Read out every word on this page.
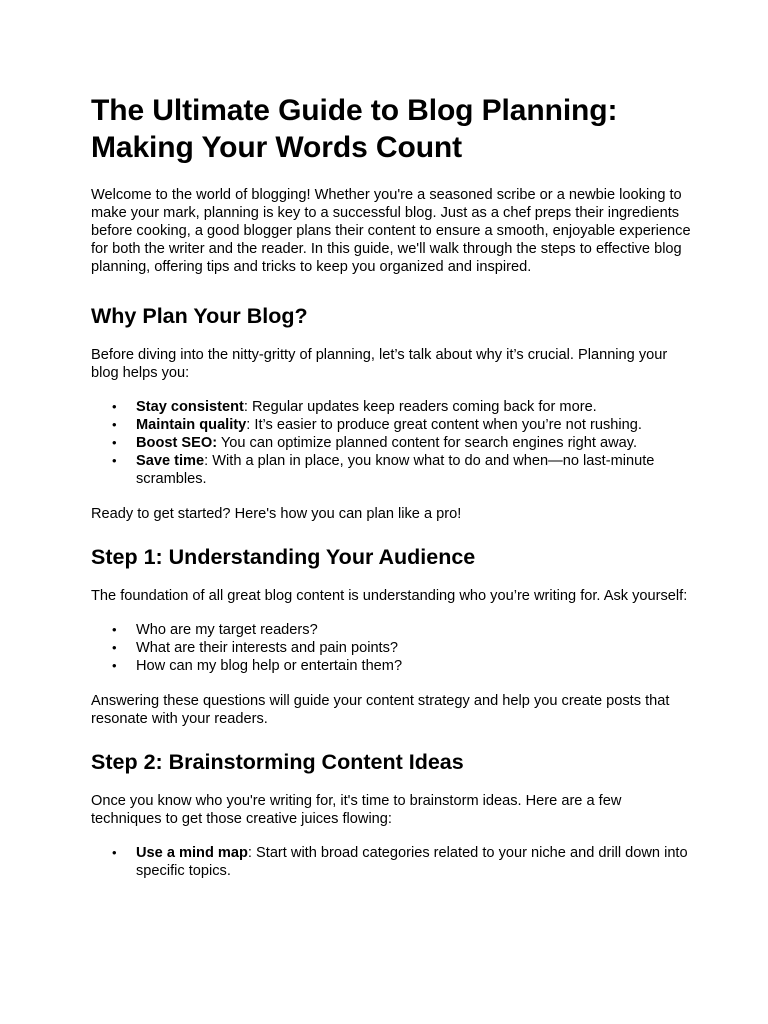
The Ultimate Guide to Blog Planning: Making Your Words Count

Welcome to the world of blogging! Whether you're a seasoned scribe or a newbie looking to make your mark, planning is key to a successful blog. Just as a chef preps their ingredients before cooking, a good blogger plans their content to ensure a smooth, enjoyable experience for both the writer and the reader. In this guide, we'll walk through the steps to effective blog planning, offering tips and tricks to keep you organized and inspired.

Why Plan Your Blog?

Before diving into the nitty-gritty of planning, let’s talk about why it’s crucial. Planning your blog helps you:

• Stay consistent: Regular updates keep readers coming back for more.
• Maintain quality: It’s easier to produce great content when you’re not rushing.
• Boost SEO: You can optimize planned content for search engines right away.
• Save time: With a plan in place, you know what to do and when—no last-minute scrambles.

Ready to get started? Here's how you can plan like a pro!

Step 1: Understanding Your Audience

The foundation of all great blog content is understanding who you’re writing for. Ask yourself:

• Who are my target readers?
• What are their interests and pain points?
• How can my blog help or entertain them?

Answering these questions will guide your content strategy and help you create posts that resonate with your readers.

Step 2: Brainstorming Content Ideas

Once you know who you're writing for, it's time to brainstorm ideas. Here are a few techniques to get those creative juices flowing:

• Use a mind map: Start with broad categories related to your niche and drill down into specific topics.
